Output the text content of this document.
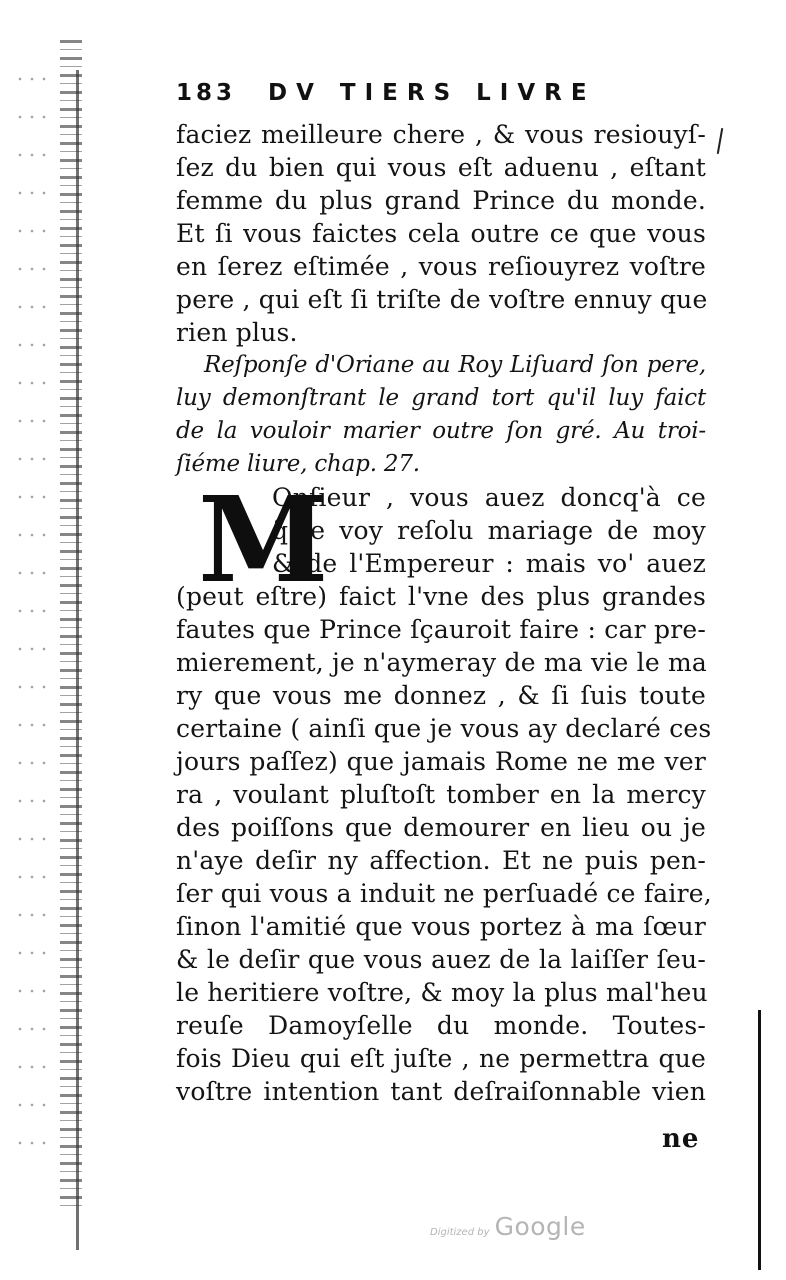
183 DV TIERS LIVRE
faciez meilleure chere , & vous resiouyſ-
ſez du bien qui vous eſt aduenu , eſtant
femme du plus grand Prince du monde.
Et ſi vous faictes cela outre ce que vous
en ſerez eſtimée , vous reſiouyrez voſtre
pere , qui eſt ſi triſte de voſtre ennuy que
rien plus.
Reſponſe d'Oriane au Roy Liſuard ſon pere,
luy demonſtrant le grand tort qu'il luy faict
de la vouloir marier outre ſon gré. Au troi-
ſiéme liure, chap. 27.
M
Onſieur , vous auez doncq'à ce
q̃ je voy reſolu mariage de moy
& de l'Empereur : mais vo' auez
(peut eſtre) faict l'vne des plus grandes
fautes que Prince ſçauroit faire : car pre-
mierement, je n'aymeray de ma vie le ma
ry que vous me donnez , & ſi ſuis toute
certaine ( ainſi que je vous ay declaré ces
jours paſſez) que jamais Rome ne me ver
ra , voulant pluſtoſt tomber en la mercy
des poiſſons que demourer en lieu ou je
n'aye deſir ny affection. Et ne puis pen-
ſer qui vous a induit ne perſuadé ce faire,
ſinon l'amitié que vous portez à ma ſœur
& le deſir que vous auez de la laiſſer ſeu-
le heritiere voſtre, & moy la plus mal'heu
reuſe Damoyſelle du monde. Toutes-
fois Dieu qui eſt juſte , ne permettra que
voſtre intention tant deſraiſonnable vien
ne
Digitized by Google
